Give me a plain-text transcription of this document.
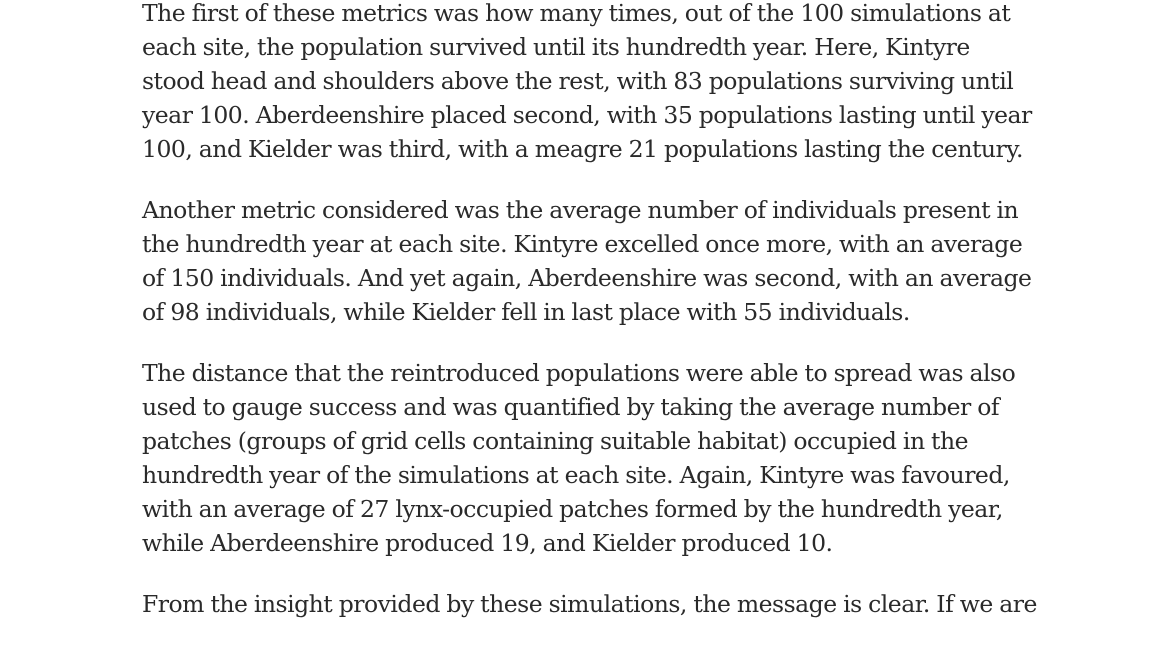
The first of these metrics was how many times, out of the 100 simulations at
each site, the population survived until its hundredth year. Here, Kintyre
stood head and shoulders above the rest, with 83 populations surviving until
year 100. Aberdeenshire placed second, with 35 populations lasting until year
100, and Kielder was third, with a meagre 21 populations lasting the century.

Another metric considered was the average number of individuals present in
the hundredth year at each site. Kintyre excelled once more, with an average
of 150 individuals. And yet again, Aberdeenshire was second, with an average
of 98 individuals, while Kielder fell in last place with 55 individuals.

The distance that the reintroduced populations were able to spread was also
used to gauge success and was quantified by taking the average number of
patches (groups of grid cells containing suitable habitat) occupied in the
hundredth year of the simulations at each site. Again, Kintyre was favoured,
with an average of 27 lynx-occupied patches formed by the hundredth year,
while Aberdeenshire produced 19, and Kielder produced 10.

From the insight provided by these simulations, the message is clear. If we are
